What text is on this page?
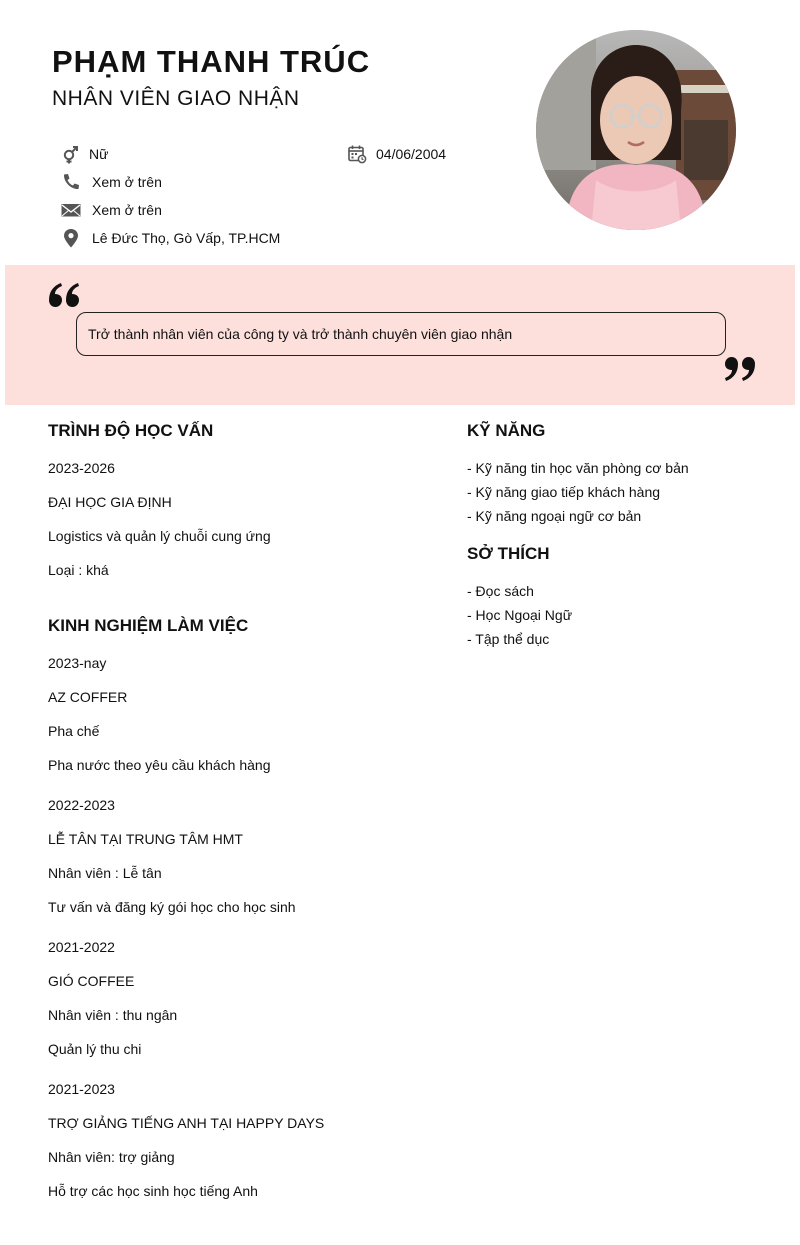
PHẠM THANH TRÚC
NHÂN VIÊN GIAO NHẬN
Nữ	04/06/2004
Xem ở trên
Xem ở trên
Lê Đức Thọ, Gò Vấp, TP.HCM
Trở thành nhân viên của công ty và trở thành chuyên viên giao nhận
TRÌNH ĐỘ HỌC VẤN
2023-2026
ĐẠI HỌC GIA ĐỊNH
Logistics và quản lý chuỗi cung ứng
Loại : khá
KINH NGHIỆM LÀM VIỆC
2023-nay
AZ COFFER
Pha chế
Pha nước theo yêu cầu khách hàng
2022-2023
LỄ TÂN TẠI TRUNG TÂM HMT
Nhân viên : Lễ tân
Tư vấn và đăng ký gói học cho học sinh
2021-2022
GIÓ COFFEE
Nhân viên : thu ngân
Quản lý thu chi
2021-2023
TRỢ GIẢNG TIẾNG ANH TẠI HAPPY DAYS
Nhân viên: trợ giảng
Hỗ trợ các học sinh học tiếng Anh
KỸ NĂNG
- Kỹ năng tin học văn phòng cơ bản
- Kỹ năng giao tiếp khách hàng
- Kỹ năng ngoại ngữ cơ bản
SỞ THÍCH
- Đọc sách
- Học Ngoại Ngữ
- Tập thể dục
